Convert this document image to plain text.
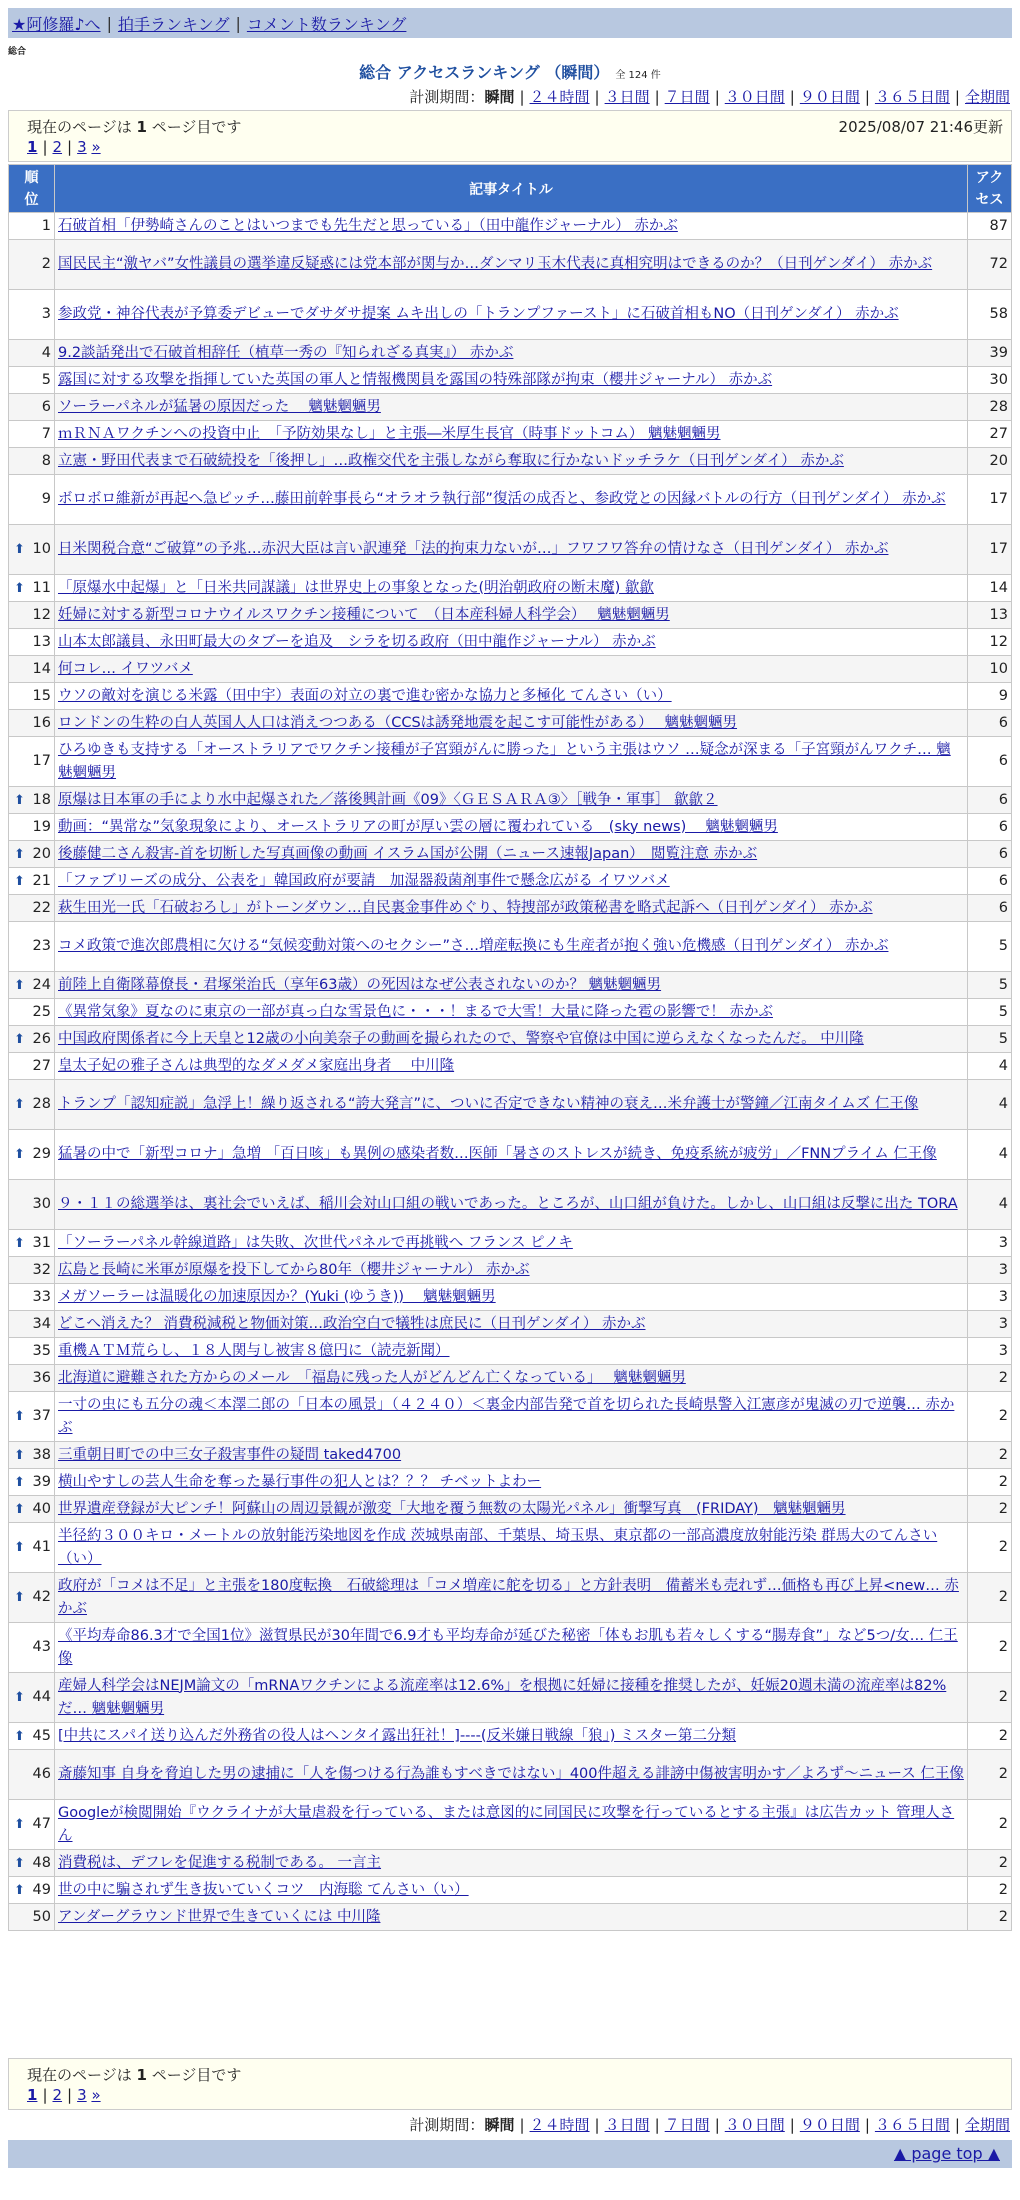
★阿修羅♪へ | 拍手ランキング | コメント数ランキング
総合
総合 アクセスランキング （瞬間） 全 124 件
計測期間：瞬間 | ２４時間 | ３日間 | ７日間 | ３０日間 | ９０日間 | ３６５日間 | 全期間
現在のページは 1 ページ目です	2025/08/07 21:46更新
1 | 2 | 3 »
順位	記事タイトル	アクセス
1	石破首相「伊勢崎さんのことはいつまでも先生だと思っている」（田中龍作ジャーナル） 赤かぶ	87
2	国民民主“激ヤバ”女性議員の選挙違反疑惑には党本部が関与か…ダンマリ玉木代表に真相究明はできるのか？（日刊ゲンダイ） 赤かぶ	72
3	参政党・神谷代表が予算委デビューでダサダサ提案 ムキ出しの「トランプファースト」に石破首相もNO（日刊ゲンダイ） 赤かぶ	58
4	9.2談話発出で石破首相辞任（植草一秀の『知られざる真実』） 赤かぶ	39
5	露国に対する攻撃を指揮していた英国の軍人と情報機関員を露国の特殊部隊が拘束（櫻井ジャーナル） 赤かぶ	30
6	ソーラーパネルが猛暑の原因だった　 魑魅魍魎男	28
7	ｍＲＮＡワクチンへの投資中止　「予防効果なし」と主張―米厚生長官（時事ドットコム） 魑魅魍魎男	27
8	立憲・野田代表まで石破続投を「後押し」…政権交代を主張しながら奪取に行かないドッチラケ（日刊ゲンダイ） 赤かぶ	20
9	ボロボロ維新が再起へ急ピッチ…藤田前幹事長ら“オラオラ執行部”復活の成否と、参政党との因縁バトルの行方（日刊ゲンダイ） 赤かぶ	17

⬆ 10	日米関税合意“ご破算”の予兆…赤沢大臣は言い訳連発「法的拘束力ないが…」フワフワ答弁の情けなさ（日刊ゲンダイ） 赤かぶ	17

⬆ 11	「原爆水中起爆」と「日米共同謀議」は世界史上の事象となった(明治朝政府の断末魔) 歙歙	14
12	妊婦に対する新型コロナウイルスワクチン接種について　（日本産科婦人科学会）　 魑魅魍魎男	13
13	山本太郎議員、永田町最大のタブーを追及　シラを切る政府（田中龍作ジャーナル） 赤かぶ	12
14	何コレ… イワツバメ	10
15	ウソの敵対を演じる米露（田中宇）表面の対立の裏で進む密かな協力と多極化 てんさい（い）	9
16	ロンドンの生粋の白人英国人人口は消えつつある（CCSは誘発地震を起こす可能性がある）　 魑魅魍魎男	6
17	ひろゆきも支持する「オーストラリアでワクチン接種が子宮頸がんに勝った」という主張はウソ …疑念が深まる「子宮頸がんワクチ… 魑魅魍魎男	6

⬆ 18	原爆は日本軍の手により水中起爆された／落後興計画《09》〈ＧＥＳＡＲＡ③〉［戦争・軍事］ 歙歙２	6
19	動画：“異常な”気象現象により、オーストラリアの町が厚い雲の層に覆われている　(sky news)　 魑魅魍魎男	6

⬆ 20	後藤健二さん殺害-首を切断した写真画像の動画 イスラム国が公開（ニュース速報Japan）　閲覧注意 赤かぶ	6

⬆ 21	「ファブリーズの成分、公表を」韓国政府が要請　加湿器殺菌剤事件で懸念広がる イワツバメ	6
22	萩生田光一氏「石破おろし」がトーンダウン…自民裏金事件めぐり、特捜部が政策秘書を略式起訴へ（日刊ゲンダイ） 赤かぶ	6
23	コメ政策で進次郎農相に欠ける“気候変動対策へのセクシー”さ…増産転換にも生産者が抱く強い危機感（日刊ゲンダイ） 赤かぶ	5

⬆ 24	前陸上自衛隊幕僚長・君塚栄治氏（享年63歳）の死因はなぜ公表されないのか？ 魑魅魍魎男	5
25	《異常気象》夏なのに東京の一部が真っ白な雪景色に・・・！まるで大雪！大量に降った雹の影響で！ 赤かぶ	5

⬆ 26	中国政府関係者に今上天皇と12歳の小向美奈子の動画を撮られたので、警察や官僚は中国に逆らえなくなったんだ。 中川隆	5
27	皇太子妃の雅子さんは典型的なダメダメ家庭出身者　 中川隆	4

⬆ 28	トランプ「認知症説」急浮上！繰り返される“誇大発言”に、ついに否定できない精神の衰え…米弁護士が警鐘／江南タイムズ 仁王像	4

⬆ 29	猛暑の中で「新型コロナ」急増 「百日咳」も異例の感染者数…医師「暑さのストレスが続き、免疫系統が疲労」／FNNプライム 仁王像	4
30	９・１１の総選挙は、裏社会でいえば、稲川会対山口組の戦いであった。ところが、山口組が負けた。しかし、山口組は反撃に出た TORA	4

⬆ 31	「ソーラーパネル幹線道路」は失敗、次世代パネルで再挑戦へ フランス ピノキ	3
32	広島と長崎に米軍が原爆を投下してから80年（櫻井ジャーナル） 赤かぶ	3
33	メガソーラーは温暖化の加速原因か？(Yuki (ゆうき))　 魑魅魍魎男	3
34	どこへ消えた？ 消費税減税と物価対策…政治空白で犠牲は庶民に（日刊ゲンダイ） 赤かぶ	3
35	重機ＡＴＭ荒らし、１８人関与し被害８億円に（読売新聞）	3
36	北海道に避難された方からのメール　「福島に残った人がどんどん亡くなっている」　 魑魅魍魎男	2

⬆ 37	一寸の虫にも五分の魂＜本澤二郎の「日本の風景」（４２４０）＜裏金内部告発で首を切られた長崎県警入江憲彦が鬼滅の刃で逆襲… 赤かぶ	2

⬆ 38	三重朝日町での中三女子殺害事件の疑問 taked4700	2

⬆ 39	横山やすしの芸人生命を奪った暴行事件の犯人とは？？？ チベットよわー	2

⬆ 40	世界遺産登録が大ピンチ！阿蘇山の周辺景観が激変「大地を覆う無数の太陽光パネル」衝撃写真　(FRIDAY)　魑魅魍魎男	2

⬆ 41	半径約３００キロ・メートルの放射能汚染地図を作成 茨城県南部、千葉県、埼玉県、東京都の一部高濃度放射能汚染 群馬大のてんさい（い）	2

⬆ 42	政府が「コメは不足」と主張を180度転換　石破総理は「コメ増産に舵を切る」と方針表明　備蓄米も売れず…価格も再び上昇<new… 赤かぶ	2
43	《平均寿命86.3才で全国1位》滋賀県民が30年間で6.9才も平均寿命が延びた秘密「体もお肌も若々しくする“腸寿食”」など5つ/女… 仁王像	2

⬆ 44	産婦人科学会はNEJM論文の「mRNAワクチンによる流産率は12.6%」を根拠に妊婦に接種を推奨したが、妊娠20週未満の流産率は82%だ… 魑魅魍魎男	2

⬆ 45	[中共にスパイ送り込んだ外務省の役人はヘンタイ露出狂社！]----(反米嫌日戦線「狼」) ミスター第二分類	2
46	斎藤知事 自身を脅迫した男の逮捕に「人を傷つける行為誰もすべきではない」400件超える誹謗中傷被害明かす／よろず～ニュース 仁王像	2

⬆ 47	Googleが検閲開始『ウクライナが大量虐殺を行っている、または意図的に同国民に攻撃を行っているとする主張』は広告カット 管理人さん	2

⬆ 48	消費税は、デフレを促進する税制である。 一言主	2

⬆ 49	世の中に騙されず生き抜いていくコツ　内海聡 てんさい（い）	2
50	アンダーグラウンド世界で生きていくには 中川隆	2
現在のページは 1 ページ目です
1 | 2 | 3 »
計測期間：瞬間 | ２４時間 | ３日間 | ７日間 | ３０日間 | ９０日間 | ３６５日間 | 全期間
▲ page top ▲
